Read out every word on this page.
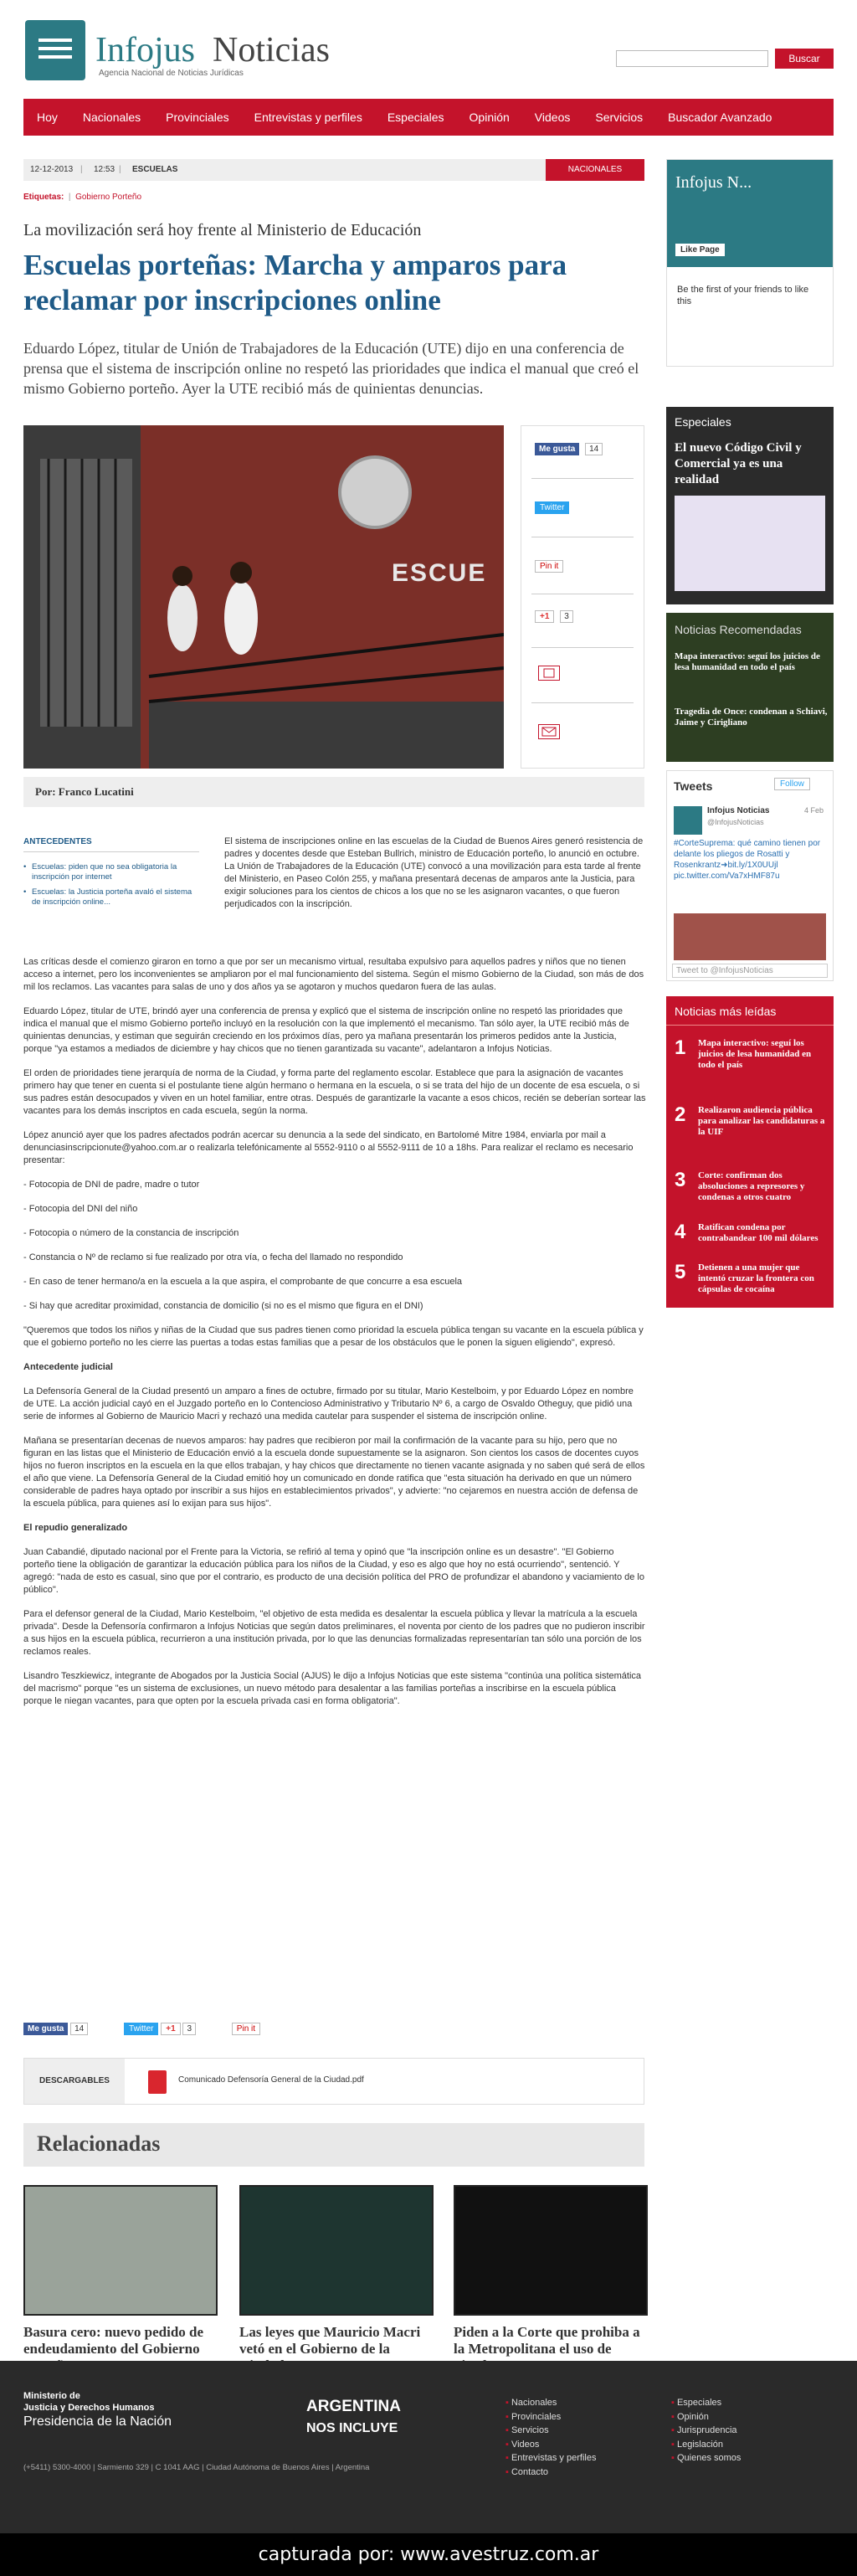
Infojus Noticias
Agencia Nacional de Noticias Jurídicas
Buscar
Hoy Nacionales Provinciales Entrevistas y perfiles Especiales Opinión Videos Servicios Buscador Avanzado
12-12-2013 | 12:53 | ESCUELAS	NACIONALES
Etiquetas:  |  Gobierno Porteño
La movilización será hoy frente al Ministerio de Educación
Escuelas porteñas: Marcha y amparos para reclamar por inscripciones online
Eduardo López, titular de Unión de Trabajadores de la Educación (UTE) dijo en una conferencia de prensa que el sistema de inscripción online no respetó las prioridades que indica el manual que creó el mismo Gobierno porteño. Ayer la UTE recibió más de quinientas denuncias.
ESCUE
Me gusta 14
Twitter
Pin it
+1 3
Por: Franco Lucatini
ANTECEDENTES
• Escuelas: piden que no sea obligatoria la inscripción por internet
• Escuelas: la Justicia porteña avaló el sistema de inscripción online...
El sistema de inscripciones online en las escuelas de la Ciudad de Buenos Aires generó resistencia de padres y docentes desde que Esteban Bullrich, ministro de Educación porteño, lo anunció en octubre. La Unión de Trabajadores de la Educación (UTE) convocó a una movilización para esta tarde al frente del Ministerio, en Paseo Colón 255, y mañana presentará decenas de amparos ante la Justicia, para exigir soluciones para los cientos de chicos a los que no se les asignaron vacantes, o que fueron perjudicados con la inscripción.

Las críticas desde el comienzo giraron en torno a que por ser un mecanismo virtual, resultaba expulsivo para aquellos padres y niños que no tienen acceso a internet, pero los inconvenientes se ampliaron por el mal funcionamiento del sistema. Según el mismo Gobierno de la Ciudad, son más de dos mil los reclamos. Las vacantes para salas de uno y dos años ya se agotaron y muchos quedaron fuera de las aulas.

Eduardo López, titular de UTE, brindó ayer una conferencia de prensa y explicó que el sistema de inscripción online no respetó las prioridades que indica el manual que el mismo Gobierno porteño incluyó en la resolución con la que implementó el mecanismo. Tan sólo ayer, la UTE recibió más de quinientas denuncias, y estiman que seguirán creciendo en los próximos días, pero ya mañana presentarán los primeros pedidos ante la Justicia, porque "ya estamos a mediados de diciembre y hay chicos que no tienen garantizada su vacante", adelantaron a Infojus Noticias.

El orden de prioridades tiene jerarquía de norma de la Ciudad, y forma parte del reglamento escolar. Establece que para la asignación de vacantes primero hay que tener en cuenta si el postulante tiene algún hermano o hermana en la escuela, o si se trata del hijo de un docente de esa escuela, o si sus padres están desocupados y viven en un hotel familiar, entre otras. Después de garantizarle la vacante a esos chicos, recién se deberían sortear las vacantes para los demás inscriptos en cada escuela, según la norma.

López anunció ayer que los padres afectados podrán acercar su denuncia a la sede del sindicato, en Bartolomé Mitre 1984, enviarla por mail a denunciasinscripcionute@yahoo.com.ar o realizarla telefónicamente al 5552-9110 o al 5552-9111 de 10 a 18hs. Para realizar el reclamo es necesario presentar:

- Fotocopia de DNI de padre, madre o tutor

- Fotocopia del DNI del niño

- Fotocopia o número de la constancia de inscripción

- Constancia o Nº de reclamo si fue realizado por otra vía, o fecha del llamado no respondido

- En caso de tener hermano/a en la escuela a la que aspira, el comprobante de que concurre a esa escuela

- Si hay que acreditar proximidad, constancia de domicilio (si no es el mismo que figura en el DNI)

"Queremos que todos los niños y niñas de la Ciudad que sus padres tienen como prioridad la escuela pública tengan su vacante en la escuela pública y que el gobierno porteño no les cierre las puertas a todas estas familias que a pesar de los obstáculos que le ponen la siguen eligiendo", expresó.

Antecedente judicial

La Defensoría General de la Ciudad presentó un amparo a fines de octubre, firmado por su titular, Mario Kestelboim, y por Eduardo López en nombre de UTE. La acción judicial cayó en el Juzgado porteño en lo Contencioso Administrativo y Tributario Nº 6, a cargo de Osvaldo Otheguy, que pidió una serie de informes al Gobierno de Mauricio Macri y rechazó una medida cautelar para suspender el sistema de inscripción online.

Mañana se presentarían decenas de nuevos amparos: hay padres que recibieron por mail la confirmación de la vacante para su hijo, pero que no figuran en las listas que el Ministerio de Educación envió a la escuela donde supuestamente se la asignaron. Son cientos los casos de docentes cuyos hijos no fueron inscriptos en la escuela en la que ellos trabajan, y hay chicos que directamente no tienen vacante asignada y no saben qué será de ellos el año que viene. La Defensoría General de la Ciudad emitió hoy un comunicado en donde ratifica que "esta situación ha derivado en que un número considerable de padres haya optado por inscribir a sus hijos en establecimientos privados", y advierte: "no cejaremos en nuestra acción de defensa de la escuela pública, para quienes así lo exijan para sus hijos".

El repudio generalizado

Juan Cabandié, diputado nacional por el Frente para la Victoria, se refirió al tema y opinó que "la inscripción online es un desastre". "El Gobierno porteño tiene la obligación de garantizar la educación pública para los niños de la Ciudad, y eso es algo que hoy no está ocurriendo", sentenció. Y agregó: "nada de esto es casual, sino que por el contrario, es producto de una decisión política del PRO de profundizar el abandono y vaciamiento de lo público".

Para el defensor general de la Ciudad, Mario Kestelboim, "el objetivo de esta medida es desalentar la escuela pública y llevar la matrícula a la escuela privada". Desde la Defensoría confirmaron a Infojus Noticias que según datos preliminares, el noventa por ciento de los padres que no pudieron inscribir a sus hijos en la escuela pública, recurrieron a una institución privada, por lo que las denuncias formalizadas representarían tan sólo una porción de los reclamos reales.

Lisandro Teszkiewicz, integrante de Abogados por la Justicia Social (AJUS) le dijo a Infojus Noticias que este sistema "continúa una política sistemática del macrismo" porque "es un sistema de exclusiones, un nuevo método para desalentar a las familias porteñas a inscribirse en la escuela pública porque le niegan vacantes, para que opten por la escuela privada casi en forma obligatoria".

Me gusta 14	Twitter +1 3	Pin it
DESCARGABLES	Comunicado Defensoría General de la Ciudad.pdf
Relacionadas
Basura cero: nuevo pedido de endeudamiento del Gobierno
Las leyes que Mauricio Macri vetó en el Gobierno de la
Piden a la Corte que prohiba a la Metropolitana el uso de
Infojus N...
Like Page
Be the first of your friends to like this
Especiales
El nuevo Código Civil y Comercial ya es una realidad
Noticias Recomendadas
Mapa interactivo: seguí los juicios de lesa humanidad en todo el país
Tragedia de Once: condenan a Schiavi, Jaime y Cirigliano
Tweets	Follow
Infojus Noticias	4 Feb
@InfojusNoticias
#CorteSuprema: qué camino tienen por delante los pliegos de Rosatti y Rosenkrantz➜bit.ly/1X0UUjl pic.twitter.com/Va7xHMF87u
Tweet to @InfojusNoticias
Noticias más leídas
1 Mapa interactivo: seguí los juicios de lesa humanidad en todo el país
2 Realizaron audiencia pública para analizar las candidaturas a la UIF
3 Corte: confirman dos absoluciones a represores y condenas a otros cuatro
4 Ratifican condena por contrabandear 100 mil dólares
5 Detienen a una mujer que intentó cruzar la frontera con cápsulas de cocaína
Ministerio de
Justicia y Derechos Humanos
Presidencia de la Nación
ARGENTINA
NOS INCLUYE
(+5411) 5300-4000 | Sarmiento 329 | C 1041 AAG | Ciudad Autónoma de Buenos Aires | Argentina
▪ Nacionales
▪ Provinciales
▪ Servicios
▪ Videos
▪ Entrevistas y perfiles
▪ Contacto
▪ Especiales
▪ Opinión
▪ Jurisprudencia
▪ Legislación
▪ Quienes somos
capturada por: www.avestruz.com.ar
